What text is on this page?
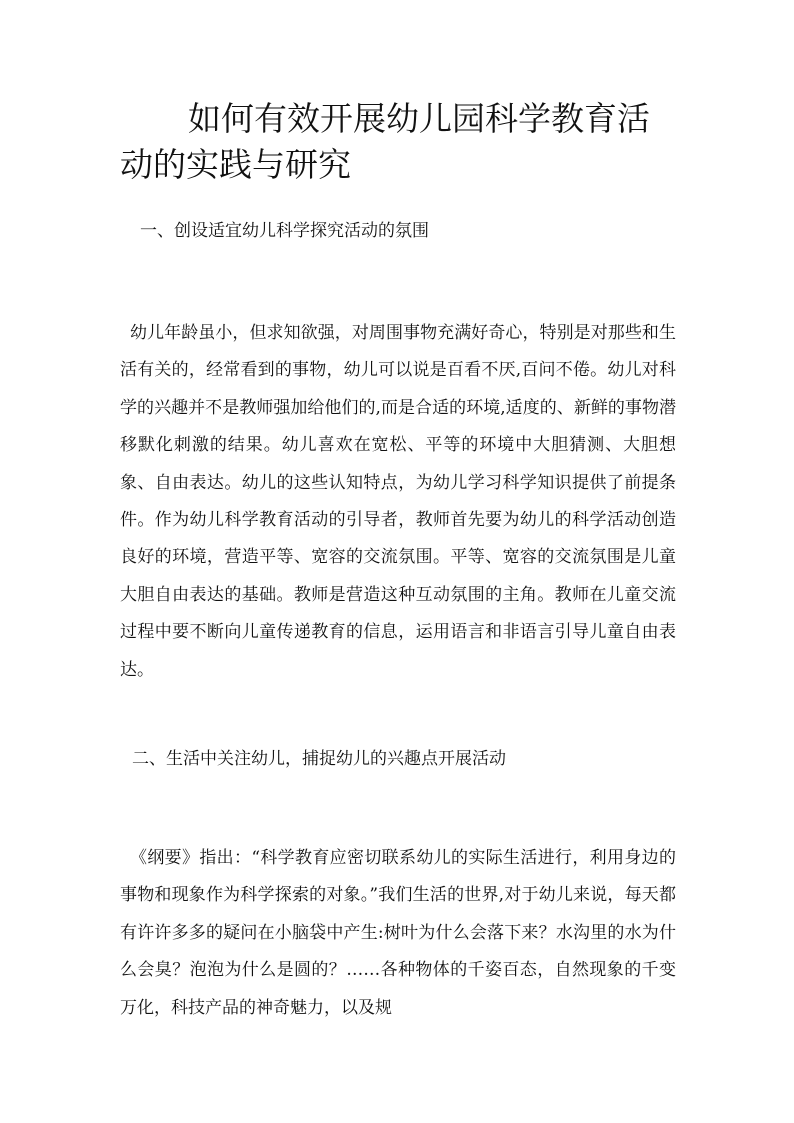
如何有效开展幼儿园科学教育活动的实践与研究
一、创设适宜幼儿科学探究活动的氛围

幼儿年龄虽小，但求知欲强，对周围事物充满好奇心，特别是对那些和生活有关的，经常看到的事物，幼儿可以说是百看不厌,百问不倦。幼儿对科学的兴趣并不是教师强加给他们的,而是合适的环境,适度的、新鲜的事物潜移默化刺激的结果。幼儿喜欢在宽松、平等的环境中大胆猜测、大胆想象、自由表达。幼儿的这些认知特点，为幼儿学习科学知识提供了前提条件。作为幼儿科学教育活动的引导者，教师首先要为幼儿的科学活动创造良好的环境，营造平等、宽容的交流氛围。平等、宽容的交流氛围是儿童大胆自由表达的基础。教师是营造这种互动氛围的主角。教师在儿童交流过程中要不断向儿童传递教育的信息，运用语言和非语言引导儿童自由表达。

二、生活中关注幼儿，捕捉幼儿的兴趣点开展活动

《纲要》指出：“科学教育应密切联系幼儿的实际生活进行，利用身边的事物和现象作为科学探索的对象。”我们生活的世界,对于幼儿来说，每天都有许许多多的疑问在小脑袋中产生:树叶为什么会落下来？水沟里的水为什么会臭？泡泡为什么是圆的？……各种物体的千姿百态，自然现象的千变万化，科技产品的神奇魅力，以及规
